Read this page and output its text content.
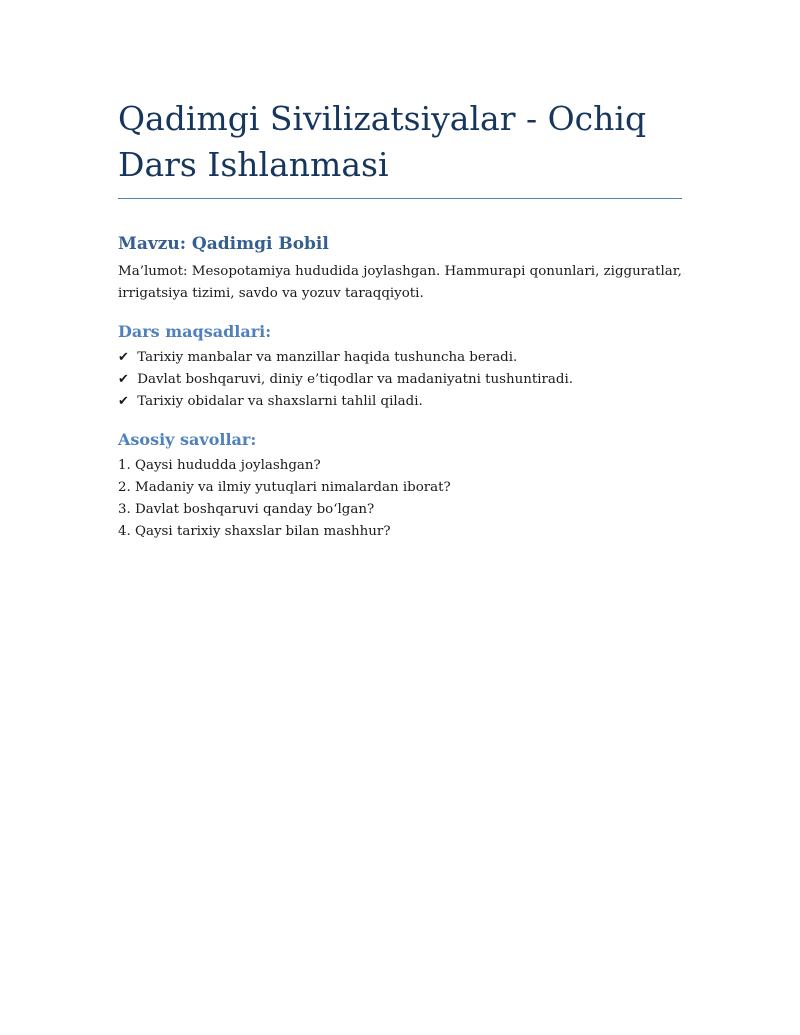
Qadimgi Sivilizatsiyalar - Ochiq Dars Ishlanmasi
Mavzu: Qadimgi Bobil

Ma’lumot: Mesopotamiya hududida joylashgan. Hammurapi qonunlari, zigguratlar, irrigatsiya tizimi, savdo va yozuv taraqqiyoti.

Dars maqsadlari:
✔ Tarixiy manbalar va manzillar haqida tushuncha beradi.
✔ Davlat boshqaruvi, diniy e’tiqodlar va madaniyatni tushuntiradi.
✔ Tarixiy obidalar va shaxslarni tahlil qiladi.
Asosiy savollar:
1. Qaysi hududda joylashgan?
2. Madaniy va ilmiy yutuqlari nimalardan iborat?
3. Davlat boshqaruvi qanday bo‘lgan?
4. Qaysi tarixiy shaxslar bilan mashhur?
